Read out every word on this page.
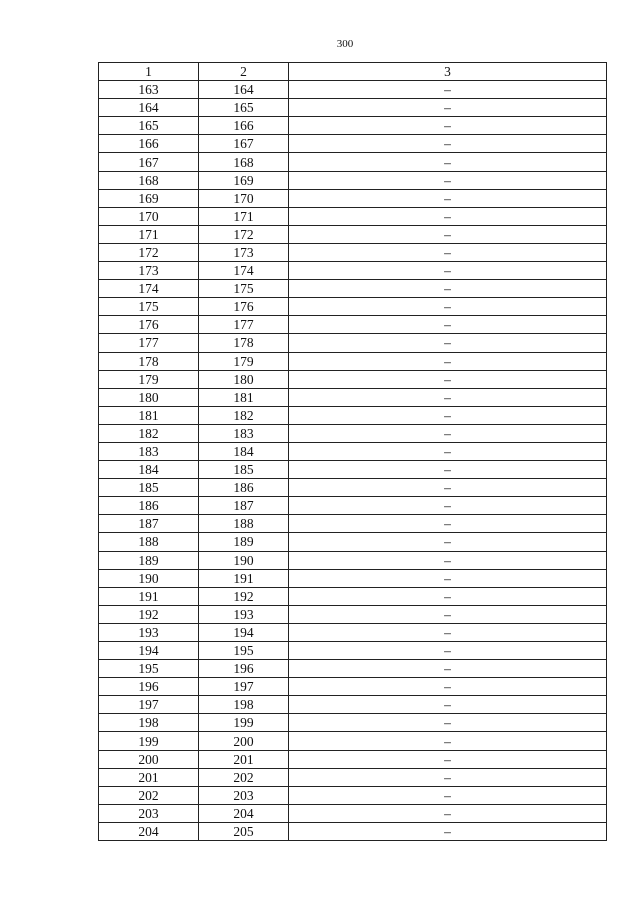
300
1	2	3
163	164	–
164	165	–
165	166	–
166	167	–
167	168	–
168	169	–
169	170	–
170	171	–
171	172	–
172	173	–
173	174	–
174	175	–
175	176	–
176	177	–
177	178	–
178	179	–
179	180	–
180	181	–
181	182	–
182	183	–
183	184	–
184	185	–
185	186	–
186	187	–
187	188	–
188	189	–
189	190	–
190	191	–
191	192	–
192	193	–
193	194	–
194	195	–
195	196	–
196	197	–
197	198	–
198	199	–
199	200	–
200	201	–
201	202	–
202	203	–
203	204	–
204	205	–
